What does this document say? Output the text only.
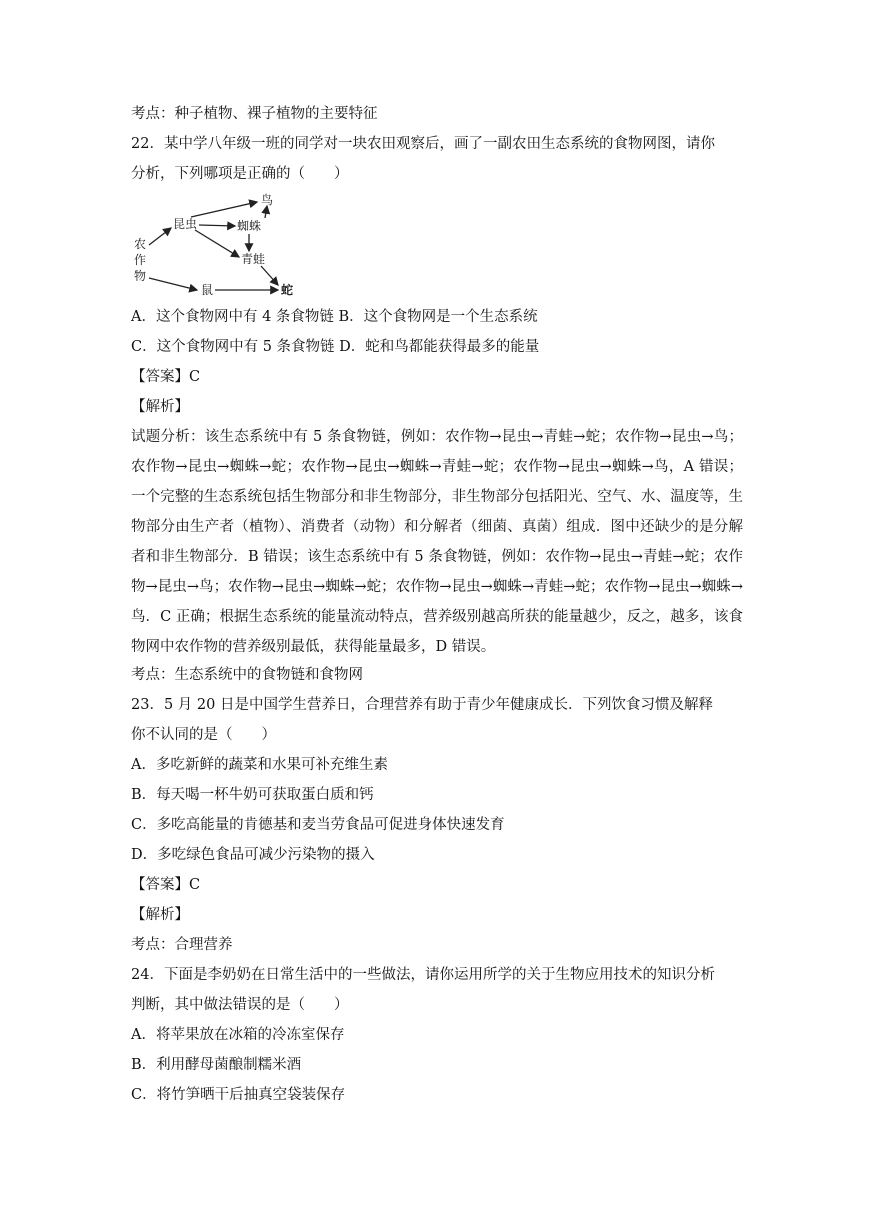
考点：种子植物、裸子植物的主要特征
22．某中学八年级一班的同学对一块农田观察后，画了一副农田生态系统的食物网图，请你
分析，下列哪项是正确的（　　）
农
作
物
昆虫
鸟
蜘蛛
青蛙
鼠	蛇
A．这个食物网中有 4 条食物链 B．这个食物网是一个生态系统
C．这个食物网中有 5 条食物链 D．蛇和鸟都能获得最多的能量
【答案】C
【解析】
试题分析：该生态系统中有 5 条食物链，例如：农作物→昆虫→青蛙→蛇；农作物→昆虫→鸟；农作物→昆虫→蜘蛛→蛇；农作物→昆虫→蜘蛛→青蛙→蛇；农作物→昆虫→蜘蛛→鸟，A 错误；一个完整的生态系统包括生物部分和非生物部分，非生物部分包括阳光、空气、水、温度等，生物部分由生产者（植物）、消费者（动物）和分解者（细菌、真菌）组成．图中还缺少的是分解者和非生物部分．B 错误；该生态系统中有 5 条食物链，例如：农作物→昆虫→青蛙→蛇；农作物→昆虫→鸟；农作物→昆虫→蜘蛛→蛇；农作物→昆虫→蜘蛛→青蛙→蛇；农作物→昆虫→蜘蛛→鸟．C 正确；根据生态系统的能量流动特点，营养级别越高所获的能量越少，反之，越多，该食物网中农作物的营养级别最低，获得能量最多，D 错误。
考点：生态系统中的食物链和食物网
23．5 月 20 日是中国学生营养日，合理营养有助于青少年健康成长．下列饮食习惯及解释
你不认同的是（　　）
A．多吃新鲜的蔬菜和水果可补充维生素
B．每天喝一杯牛奶可获取蛋白质和钙
C．多吃高能量的肯德基和麦当劳食品可促进身体快速发育
D．多吃绿色食品可减少污染物的摄入
【答案】C
【解析】
考点：合理营养
24．下面是李奶奶在日常生活中的一些做法，请你运用所学的关于生物应用技术的知识分析
判断，其中做法错误的是（　　）
A．将苹果放在冰箱的冷冻室保存
B．利用酵母菌酿制糯米酒
C．将竹笋晒干后抽真空袋装保存
